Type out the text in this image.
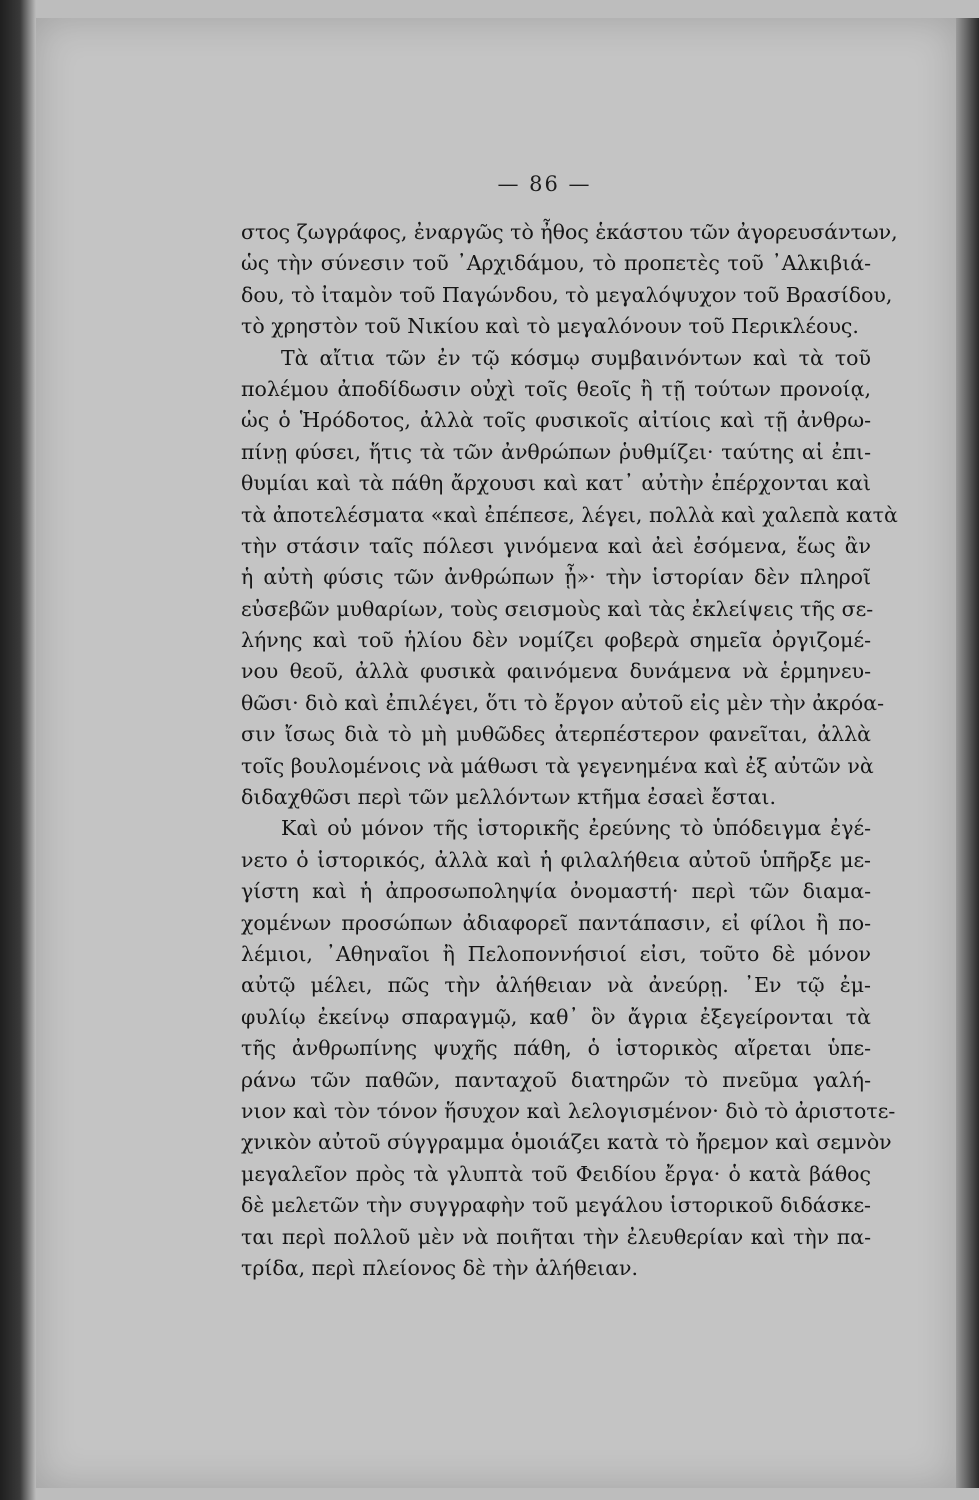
— 86 —
στος ζωγράφος, ἐναργῶς τὸ ἦθος ἑκάστου τῶν ἀγορευσάντων,
ὡς τὴν σύνεσιν τοῦ ᾿Αρχιδάμου, τὸ προπετὲς τοῦ ᾿Αλκιβιά-
δου, τὸ ἰταμὸν τοῦ Παγώνδου, τὸ μεγαλόψυχον τοῦ Βρασίδου,
τὸ χρηστὸν τοῦ Νικίου καὶ τὸ μεγαλόνουν τοῦ Περικλέους.
Τὰ αἴτια τῶν ἐν τῷ κόσμῳ συμβαινόντων καὶ τὰ τοῦ
πολέμου ἀποδίδωσιν οὐχὶ τοῖς θεοῖς ἢ τῇ τούτων προνοίᾳ,
ὡς ὁ Ἡρόδοτος, ἀλλὰ τοῖς φυσικοῖς αἰτίοις καὶ τῇ ἀνθρω-
πίνῃ φύσει, ἥτις τὰ τῶν ἀνθρώπων ῥυθμίζει· ταύτης αἱ ἐπι-
θυμίαι καὶ τὰ πάθη ἄρχουσι καὶ κατ᾿ αὐτὴν ἐπέρχονται καὶ
τὰ ἀποτελέσματα «καὶ ἐπέπεσε, λέγει, πολλὰ καὶ χαλεπὰ κατὰ
τὴν στάσιν ταῖς πόλεσι γινόμενα καὶ ἀεὶ ἐσόμενα, ἕως ἂν
ἡ αὐτὴ φύσις τῶν ἀνθρώπων ᾖ»· τὴν ἱστορίαν δὲν πληροῖ
εὐσεβῶν μυθαρίων, τοὺς σεισμοὺς καὶ τὰς ἐκλείψεις τῆς σε-
λήνης καὶ τοῦ ἡλίου δὲν νομίζει φοβερὰ σημεῖα ὀργιζομέ-
νου θεοῦ, ἀλλὰ φυσικὰ φαινόμενα δυνάμενα νὰ ἑρμηνευ-
θῶσι· διὸ καὶ ἐπιλέγει, ὅτι τὸ ἔργον αὐτοῦ εἰς μὲν τὴν ἀκρόα-
σιν ἴσως διὰ τὸ μὴ μυθῶδες ἀτερπέστερον φανεῖται, ἀλλὰ
τοῖς βουλομένοις νὰ μάθωσι τὰ γεγενημένα καὶ ἐξ αὐτῶν νὰ
διδαχθῶσι περὶ τῶν μελλόντων κτῆμα ἐσαεὶ ἔσται.
Καὶ οὐ μόνον τῆς ἱστορικῆς ἐρεύνης τὸ ὑπόδειγμα ἐγέ-
νετο ὁ ἱστορικός, ἀλλὰ καὶ ἡ φιλαλήθεια αὐτοῦ ὑπῆρξε με-
γίστη καὶ ἡ ἀπροσωποληψία ὀνομαστή· περὶ τῶν διαμα-
χομένων προσώπων ἀδιαφορεῖ παντάπασιν, εἰ φίλοι ἢ πο-
λέμιοι, ᾿Αθηναῖοι ἢ Πελοποννήσιοί εἰσι, τοῦτο δὲ μόνον
αὐτῷ μέλει, πῶς τὴν ἀλήθειαν νὰ ἀνεύρῃ. ᾿Εν τῷ ἐμ-
φυλίῳ ἐκείνῳ σπαραγμῷ, καθ᾿ ὃν ἄγρια ἐξεγείρονται τὰ
τῆς ἀνθρωπίνης ψυχῆς πάθη, ὁ ἱστορικὸς αἴρεται ὑπε-
ράνω τῶν παθῶν, πανταχοῦ διατηρῶν τὸ πνεῦμα γαλή-
νιον καὶ τὸν τόνον ἥσυχον καὶ λελογισμένον· διὸ τὸ ἀριστοτε-
χνικὸν αὐτοῦ σύγγραμμα ὁμοιάζει κατὰ τὸ ἤρεμον καὶ σεμνὸν
μεγαλεῖον πρὸς τὰ γλυπτὰ τοῦ Φειδίου ἔργα· ὁ κατὰ βάθος
δὲ μελετῶν τὴν συγγραφὴν τοῦ μεγάλου ἱστορικοῦ διδάσκε-
ται περὶ πολλοῦ μὲν νὰ ποιῆται τὴν ἐλευθερίαν καὶ τὴν πα-
τρίδα, περὶ πλείονος δὲ τὴν ἀλήθειαν.
